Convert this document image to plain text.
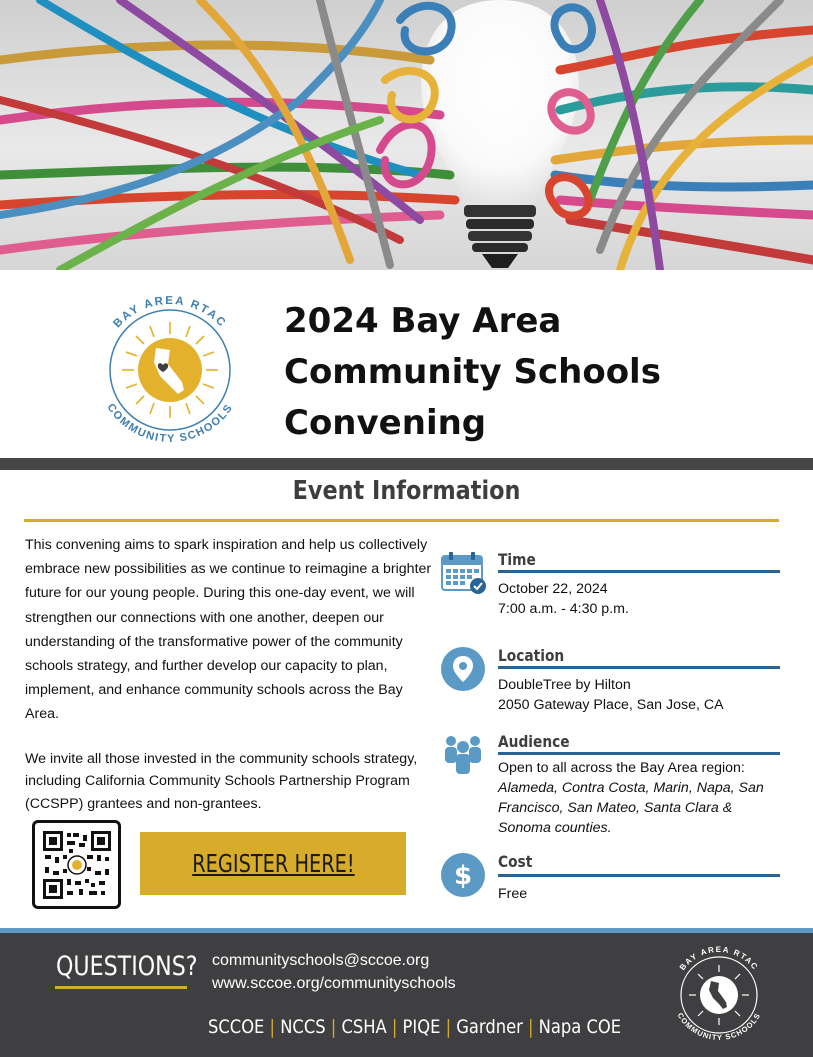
BAY AREA RTAC
COMMUNITY SCHOOLS
2024 Bay Area
Community Schools
Convening
Event Information

This convening aims to spark inspiration and help us collectively embrace new possibilities as we continue to reimagine a brighter future for our young people. During this one-day event, we will strengthen our connections with one another, deepen our understanding of the transformative power of the community schools strategy, and further develop our capacity to plan, implement, and enhance community schools across the Bay Area.

We invite all those invested in the community schools strategy, including California Community Schools Partnership Program (CCSPP) grantees and non-grantees.

REGISTER HERE!
Time
October 22, 2024
7:00 a.m. - 4:30 p.m.
Location
DoubleTree by Hilton
2050 Gateway Place, San Jose, CA
Audience
Open to all across the Bay Area region:
Alameda, Contra Costa, Marin, Napa, San Francisco, San Mateo, Santa Clara & Sonoma counties.
$ Cost
Free
QUESTIONS? communityschools@sccoe.org
www.sccoe.org/communityschools
SCCOE | NCCS | CSHA | PIQE | Gardner | Napa COE
BAY AREA RTAC
COMMUNITY SCHOOLS
